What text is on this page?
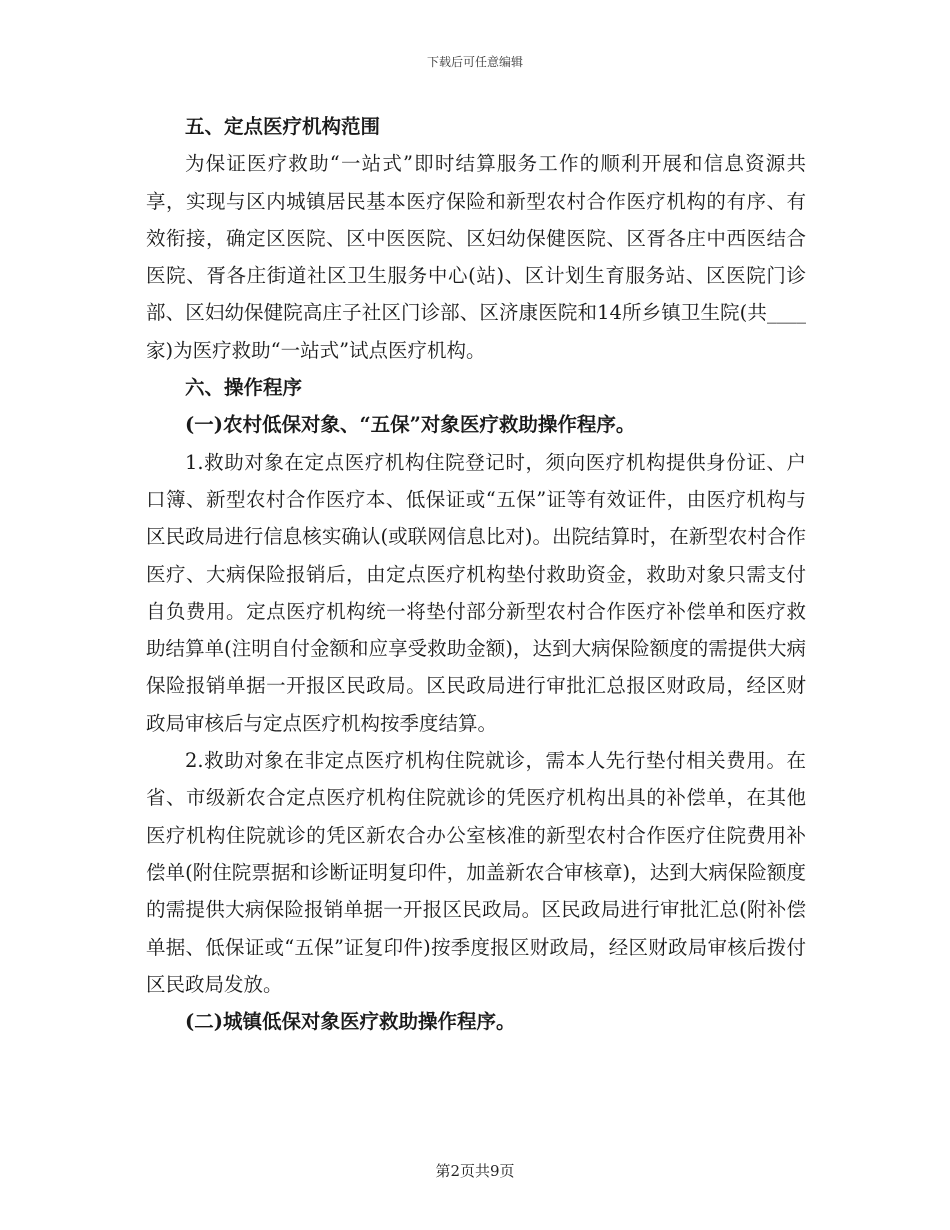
下载后可任意编辑

五、定点医疗机构范围

为保证医疗救助“一站式”即时结算服务工作的顺利开展和信息资源共享，实现与区内城镇居民基本医疗保险和新型农村合作医疗机构的有序、有效衔接，确定区医院、区中医医院、区妇幼保健医院、区胥各庄中西医结合医院、胥各庄街道社区卫生服务中心(站)、区计划生育服务站、区医院门诊部、区妇幼保健院高庄子社区门诊部、区济康医院和14所乡镇卫生院(共____家)为医疗救助“一站式”试点医疗机构。

六、操作程序

(一)农村低保对象、“五保”对象医疗救助操作程序。

1.救助对象在定点医疗机构住院登记时，须向医疗机构提供身份证、户口簿、新型农村合作医疗本、低保证或“五保”证等有效证件，由医疗机构与区民政局进行信息核实确认(或联网信息比对)。出院结算时，在新型农村合作医疗、大病保险报销后，由定点医疗机构垫付救助资金，救助对象只需支付自负费用。定点医疗机构统一将垫付部分新型农村合作医疗补偿单和医疗救助结算单(注明自付金额和应享受救助金额)，达到大病保险额度的需提供大病保险报销单据一开报区民政局。区民政局进行审批汇总报区财政局，经区财政局审核后与定点医疗机构按季度结算。

2.救助对象在非定点医疗机构住院就诊，需本人先行垫付相关费用。在省、市级新农合定点医疗机构住院就诊的凭医疗机构出具的补偿单，在其他医疗机构住院就诊的凭区新农合办公室核准的新型农村合作医疗住院费用补偿单(附住院票据和诊断证明复印件，加盖新农合审核章)，达到大病保险额度的需提供大病保险报销单据一开报区民政局。区民政局进行审批汇总(附补偿单据、低保证或“五保”证复印件)按季度报区财政局，经区财政局审核后拨付区民政局发放。

(二)城镇低保对象医疗救助操作程序。

第2页共9页
